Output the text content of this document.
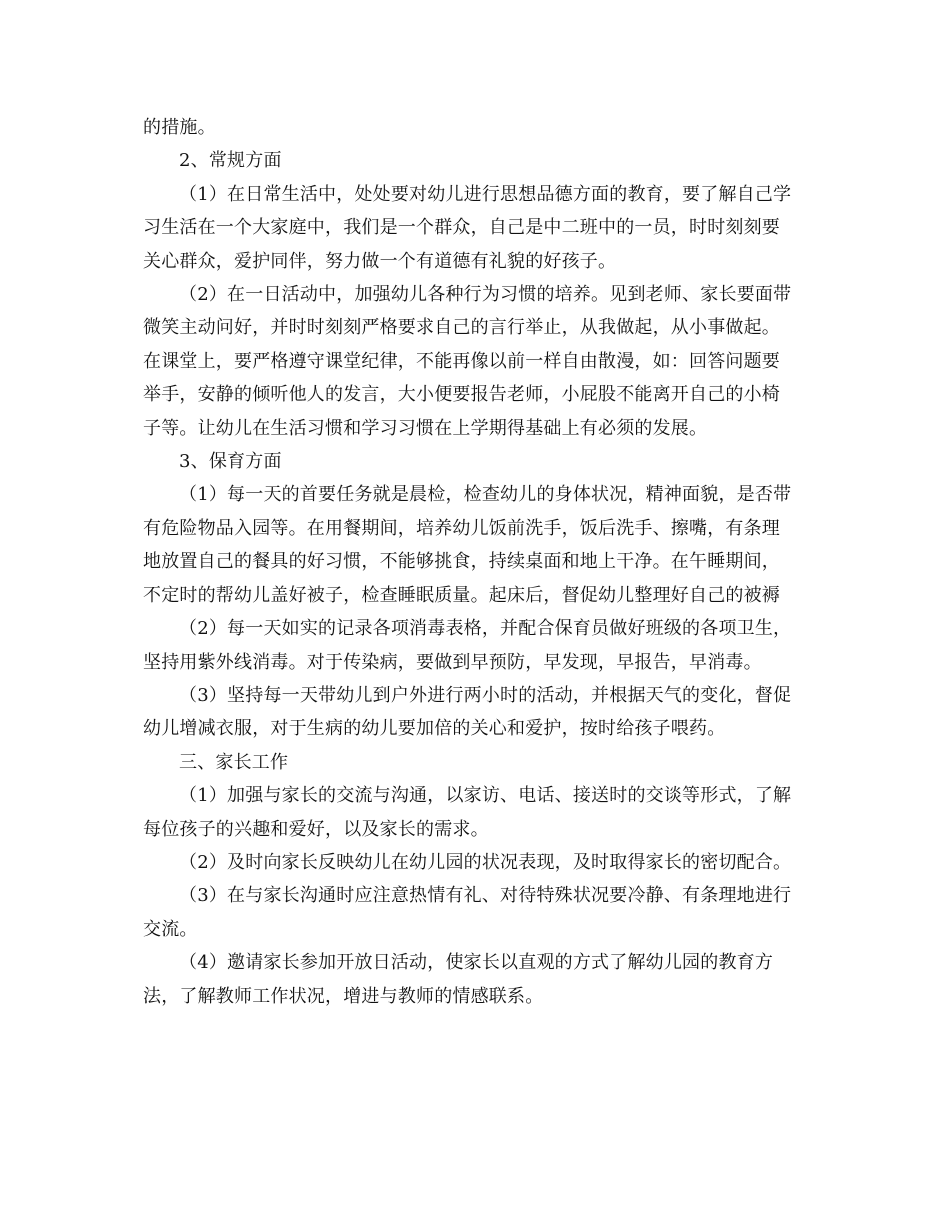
的措施。

2、常规方面

（1）在日常生活中，处处要对幼儿进行思想品德方面的教育，要了解自己学

习生活在一个大家庭中，我们是一个群众，自己是中二班中的一员，时时刻刻要

关心群众，爱护同伴，努力做一个有道德有礼貌的好孩子。

（2）在一日活动中，加强幼儿各种行为习惯的培养。见到老师、家长要面带

微笑主动问好，并时时刻刻严格要求自己的言行举止，从我做起，从小事做起。

在课堂上，要严格遵守课堂纪律，不能再像以前一样自由散漫，如：回答问题要

举手，安静的倾听他人的发言，大小便要报告老师，小屁股不能离开自己的小椅

子等。让幼儿在生活习惯和学习习惯在上学期得基础上有必须的发展。

3、保育方面

（1）每一天的首要任务就是晨检，检查幼儿的身体状况，精神面貌，是否带

有危险物品入园等。在用餐期间，培养幼儿饭前洗手，饭后洗手、擦嘴，有条理

地放置自己的餐具的好习惯，不能够挑食，持续桌面和地上干净。在午睡期间，

不定时的帮幼儿盖好被子，检查睡眠质量。起床后，督促幼儿整理好自己的被褥

（2）每一天如实的记录各项消毒表格，并配合保育员做好班级的各项卫生，

坚持用紫外线消毒。对于传染病，要做到早预防，早发现，早报告，早消毒。

（3）坚持每一天带幼儿到户外进行两小时的活动，并根据天气的变化，督促

幼儿增减衣服，对于生病的幼儿要加倍的关心和爱护，按时给孩子喂药。

三、家长工作

（1）加强与家长的交流与沟通，以家访、电话、接送时的交谈等形式，了解

每位孩子的兴趣和爱好，以及家长的需求。

（2）及时向家长反映幼儿在幼儿园的状况表现，及时取得家长的密切配合。

（3）在与家长沟通时应注意热情有礼、对待特殊状况要冷静、有条理地进行

交流。

（4）邀请家长参加开放日活动，使家长以直观的方式了解幼儿园的教育方

法，了解教师工作状况，增进与教师的情感联系。
